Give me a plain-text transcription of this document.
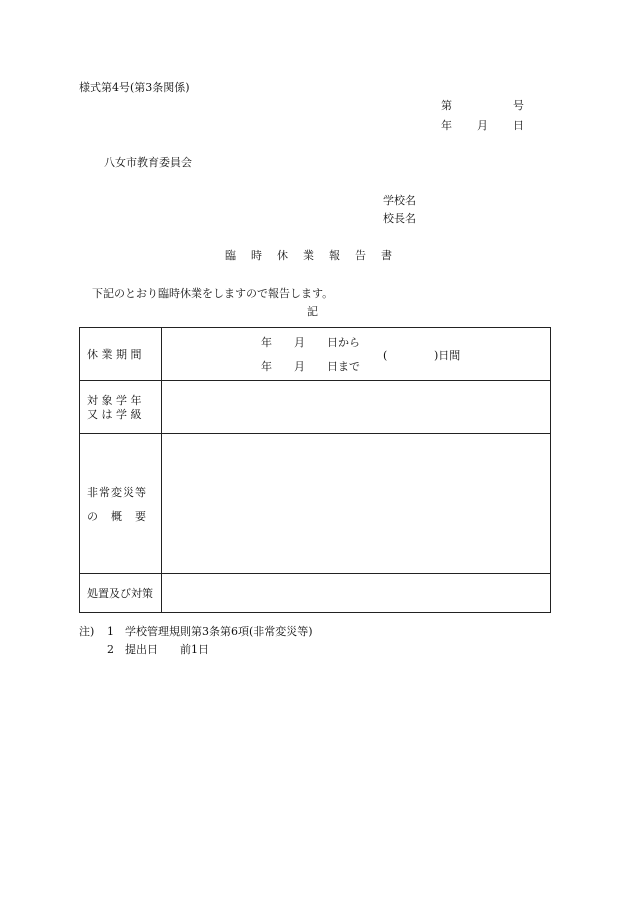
様式第4号(第3条関係)
第　　　　　号
年　　月　　日
八女市教育委員会
学校名
校長名
臨　時　休　業　報　告　書
下記のとおり臨時休業をしますので報告します。
記
休 業 期 間
年　　月　　日から
年　　月　　日まで
(	)日間
対 象 学 年
又 は 学 級
非常変災等
の　概　要
処置及び対策
注) 1 学校管理規則第3条第6項(非常変災等)
2 提出日　　前1日
